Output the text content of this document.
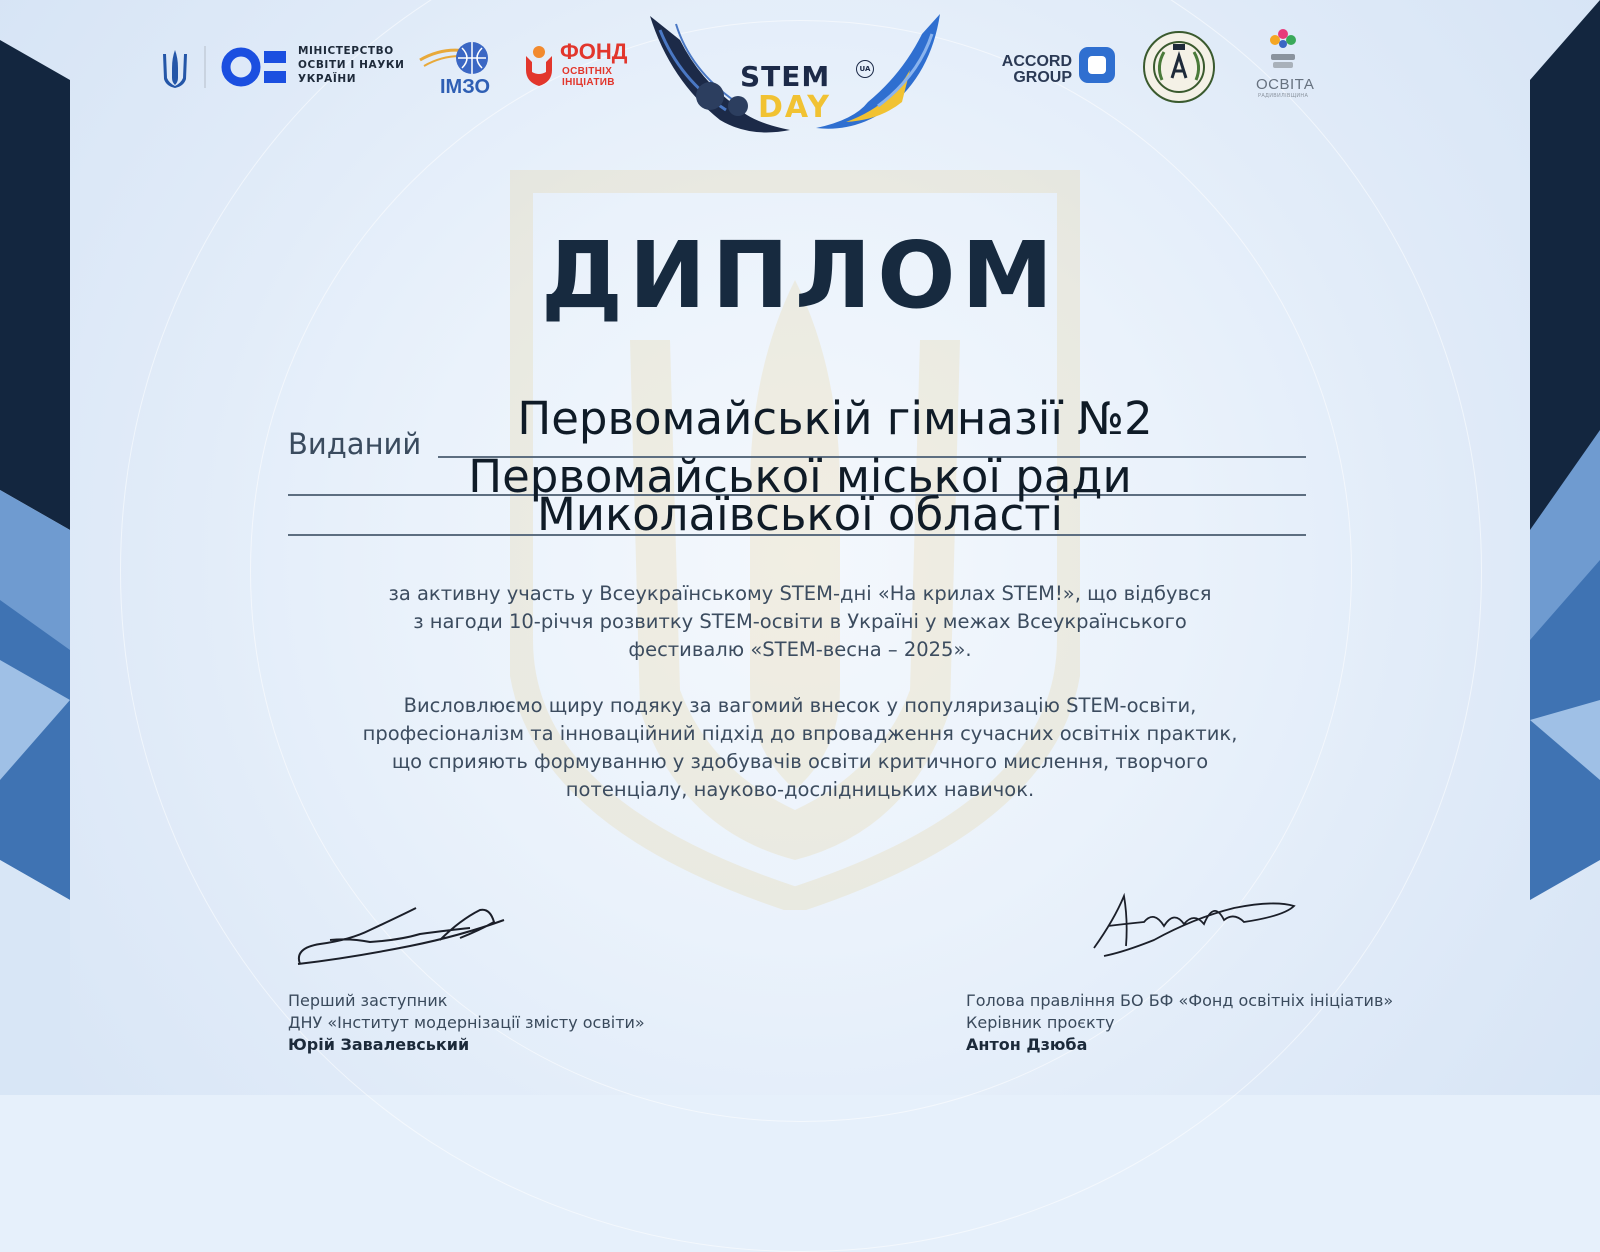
МІНІСТЕРСТВО
ОСВІТИ І НАУКИ
УКРАЇНИ	ІМЗО
ФОНД
ОСВІТНІХ
ІНІЦІАТИВ	STEM	UA
DAY
ACCORD
GROUP	ОСВІТА
РАДИВИЛІВЩИНА
ДИПЛОМ
Виданий	Первомайській гімназії №2
Первомайської міської ради
Миколаївської області
за активну участь у Всеукраїнському STEM-дні «На крилах STEM!», що відбувся
з нагоди 10-річчя розвитку STEM-освіти в Україні у межах Всеукраїнського
фестивалю «STEM-весна – 2025».
Висловлюємо щиру подяку за вагомий внесок у популяризацію STEM-освіти,
професіоналізм та інноваційний підхід до впровадження сучасних освітніх практик,
що сприяють формуванню у здобувачів освіти критичного мислення, творчого
потенціалу, науково-дослідницьких навичок.
Перший заступник
ДНУ «Інститут модернізації змісту освіти»
Юрій Завалевський
Голова правління БО БФ «Фонд освітніх ініціатив»
Керівник проєкту
Антон Дзюба
